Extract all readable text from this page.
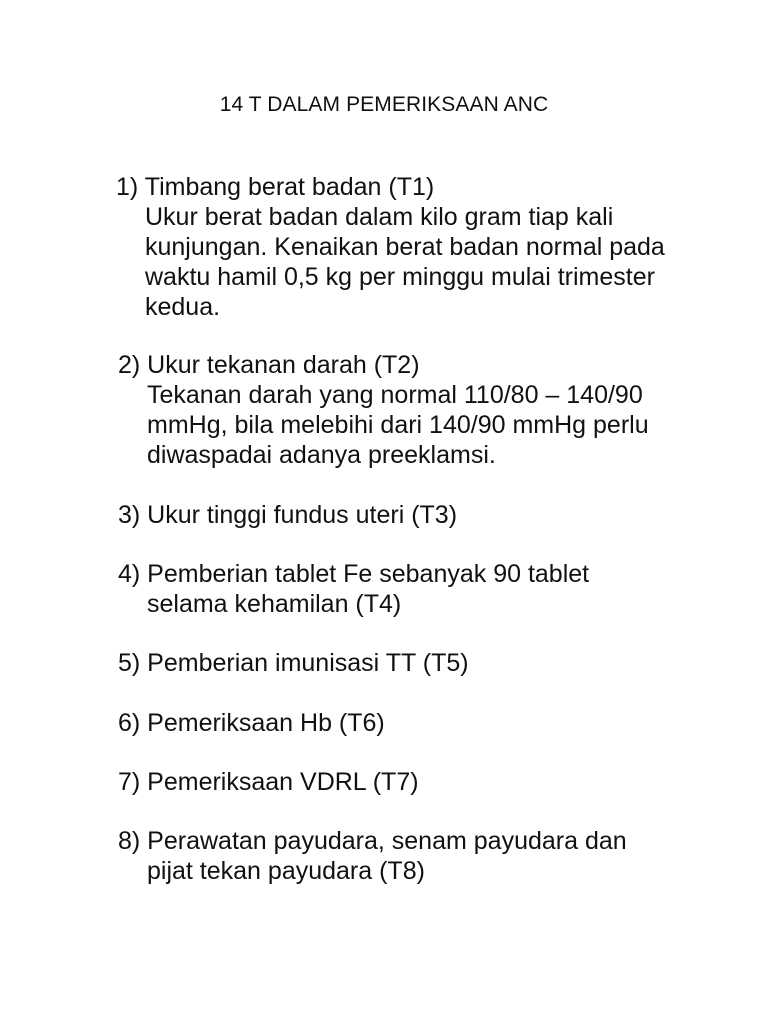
14 T DALAM PEMERIKSAAN ANC
1) Timbang berat badan (T1)
Ukur berat badan dalam kilo gram tiap kali
kunjungan. Kenaikan berat badan normal pada
waktu hamil 0,5 kg per minggu mulai trimester
kedua.
2) Ukur tekanan darah (T2)
Tekanan darah yang normal 110/80 – 140/90
mmHg, bila melebihi dari 140/90 mmHg perlu
diwaspadai adanya preeklamsi.
3) Ukur tinggi fundus uteri (T3)
4) Pemberian tablet Fe sebanyak 90 tablet
selama kehamilan (T4)
5) Pemberian imunisasi TT (T5)
6) Pemeriksaan Hb (T6)
7) Pemeriksaan VDRL (T7)
8) Perawatan payudara, senam payudara dan
pijat tekan payudara (T8)
